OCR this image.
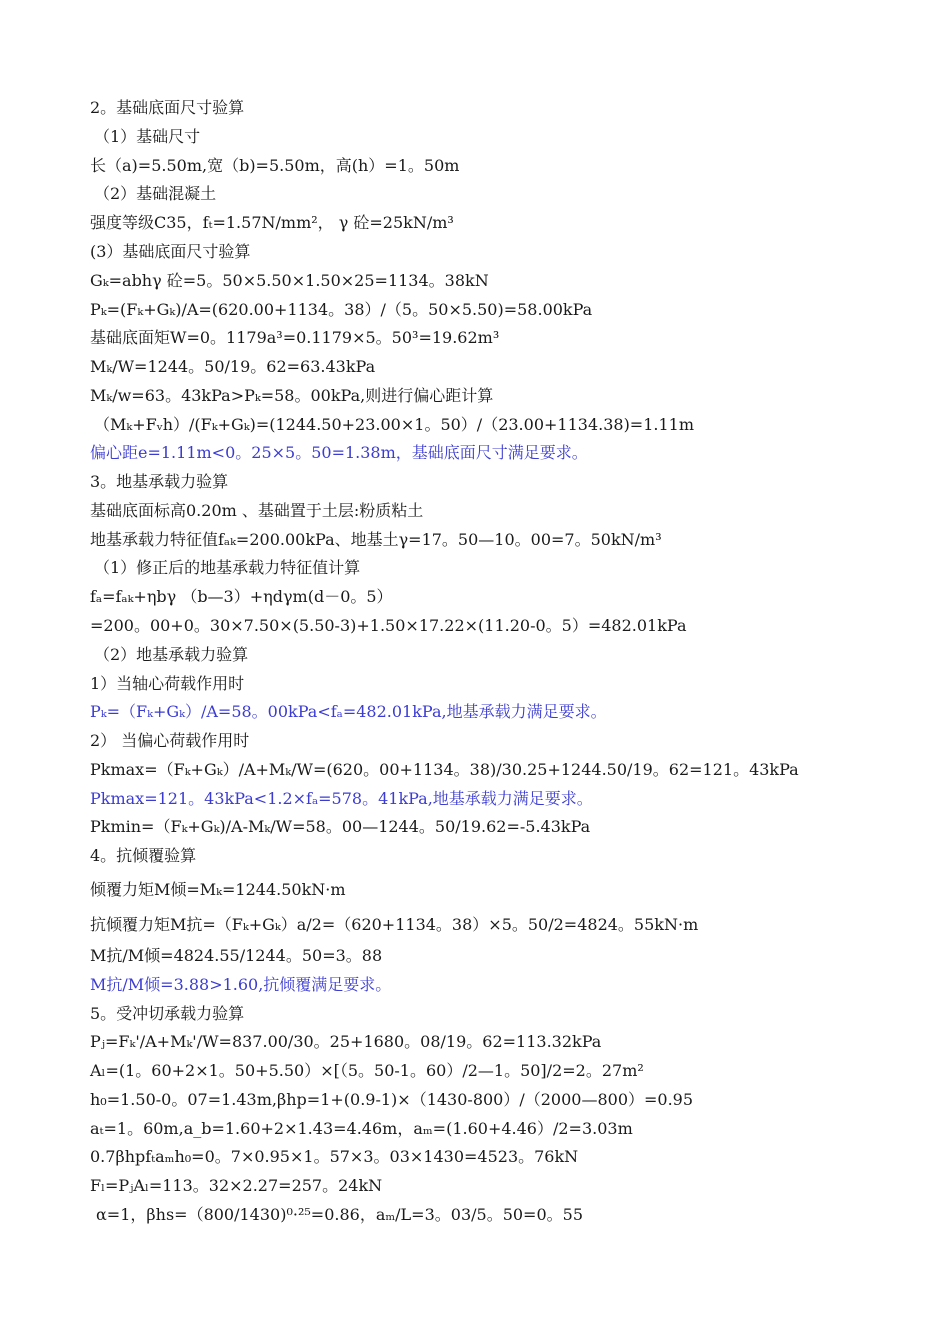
2。基础底面尺寸验算
（1）基础尺寸
长（a)=5.50m,宽（b)=5.50m，高(h）=1。50m
（2）基础混凝土
强度等级C35，fₜ=1.57N/mm²， γ 砼=25kN/m³
(3）基础底面尺寸验算
Gₖ=abhγ 砼=5。50×5.50×1.50×25=1134。38kN
Pₖ=(Fₖ+Gₖ)/A=(620.00+1134。38）/（5。50×5.50)=58.00kPa
基础底面矩W=0。1179a³=0.1179×5。50³=19.62m³
Mₖ/W=1244。50/19。62=63.43kPa
Mₖ/w=63。43kPa>Pₖ=58。00kPa,则进行偏心距计算
（Mₖ+Fᵥh）/(Fₖ+Gₖ)=(1244.50+23.00×1。50）/（23.00+1134.38)=1.11m
偏心距e=1.11m<0。25×5。50=1.38m，基础底面尺寸满足要求。
3。地基承载力验算
基础底面标高0.20m 、基础置于土层:粉质粘土
地基承载力特征值fₐₖ=200.00kPa、地基土γ=17。50—10。00=7。50kN/m³
（1）修正后的地基承载力特征值计算
fₐ=fₐₖ+ηbγ （b—3）+ηdγm(d－0。5）
=200。00+0。30×7.50×(5.50-3)+1.50×17.22×(11.20-0。5）=482.01kPa
（2）地基承载力验算
1）当轴心荷载作用时
Pₖ=（Fₖ+Gₖ）/A=58。00kPa<fₐ=482.01kPa,地基承载力满足要求。
2） 当偏心荷载作用时
Pkmax=（Fₖ+Gₖ）/A+Mₖ/W=(620。00+1134。38)/30.25+1244.50/19。62=121。43kPa
Pkmax=121。43kPa<1.2×fₐ=578。41kPa,地基承载力满足要求。
Pkmin=（Fₖ+Gₖ)/A-Mₖ/W=58。00—1244。50/19.62=-5.43kPa
4。抗倾覆验算
倾覆力矩M倾=Mₖ=1244.50kN·m
抗倾覆力矩M抗=（Fₖ+Gₖ）a/2=（620+1134。38）×5。50/2=4824。55kN·m
M抗/M倾=4824.55/1244。50=3。88
M抗/M倾=3.88>1.60,抗倾覆满足要求。
5。受冲切承载力验算
Pⱼ=Fₖ'/A+Mₖ'/W=837.00/30。25+1680。08/19。62=113.32kPa
Aₗ=(1。60+2×1。50+5.50）×[（5。50-1。60）/2—1。50]/2=2。27m²
h₀=1.50-0。07=1.43m,βhp=1+(0.9-1)×（1430-800）/（2000—800）=0.95
aₜ=1。60m,a_b=1.60+2×1.43=4.46m，aₘ=(1.60+4.46）/2=3.03m
0.7βhpfₜaₘh₀=0。7×0.95×1。57×3。03×1430=4523。76kN
Fₗ=PⱼAₗ=113。32×2.27=257。24kN
α=1，βhs=（800/1430)⁰·²⁵=0.86，aₘ/L=3。03/5。50=0。55
